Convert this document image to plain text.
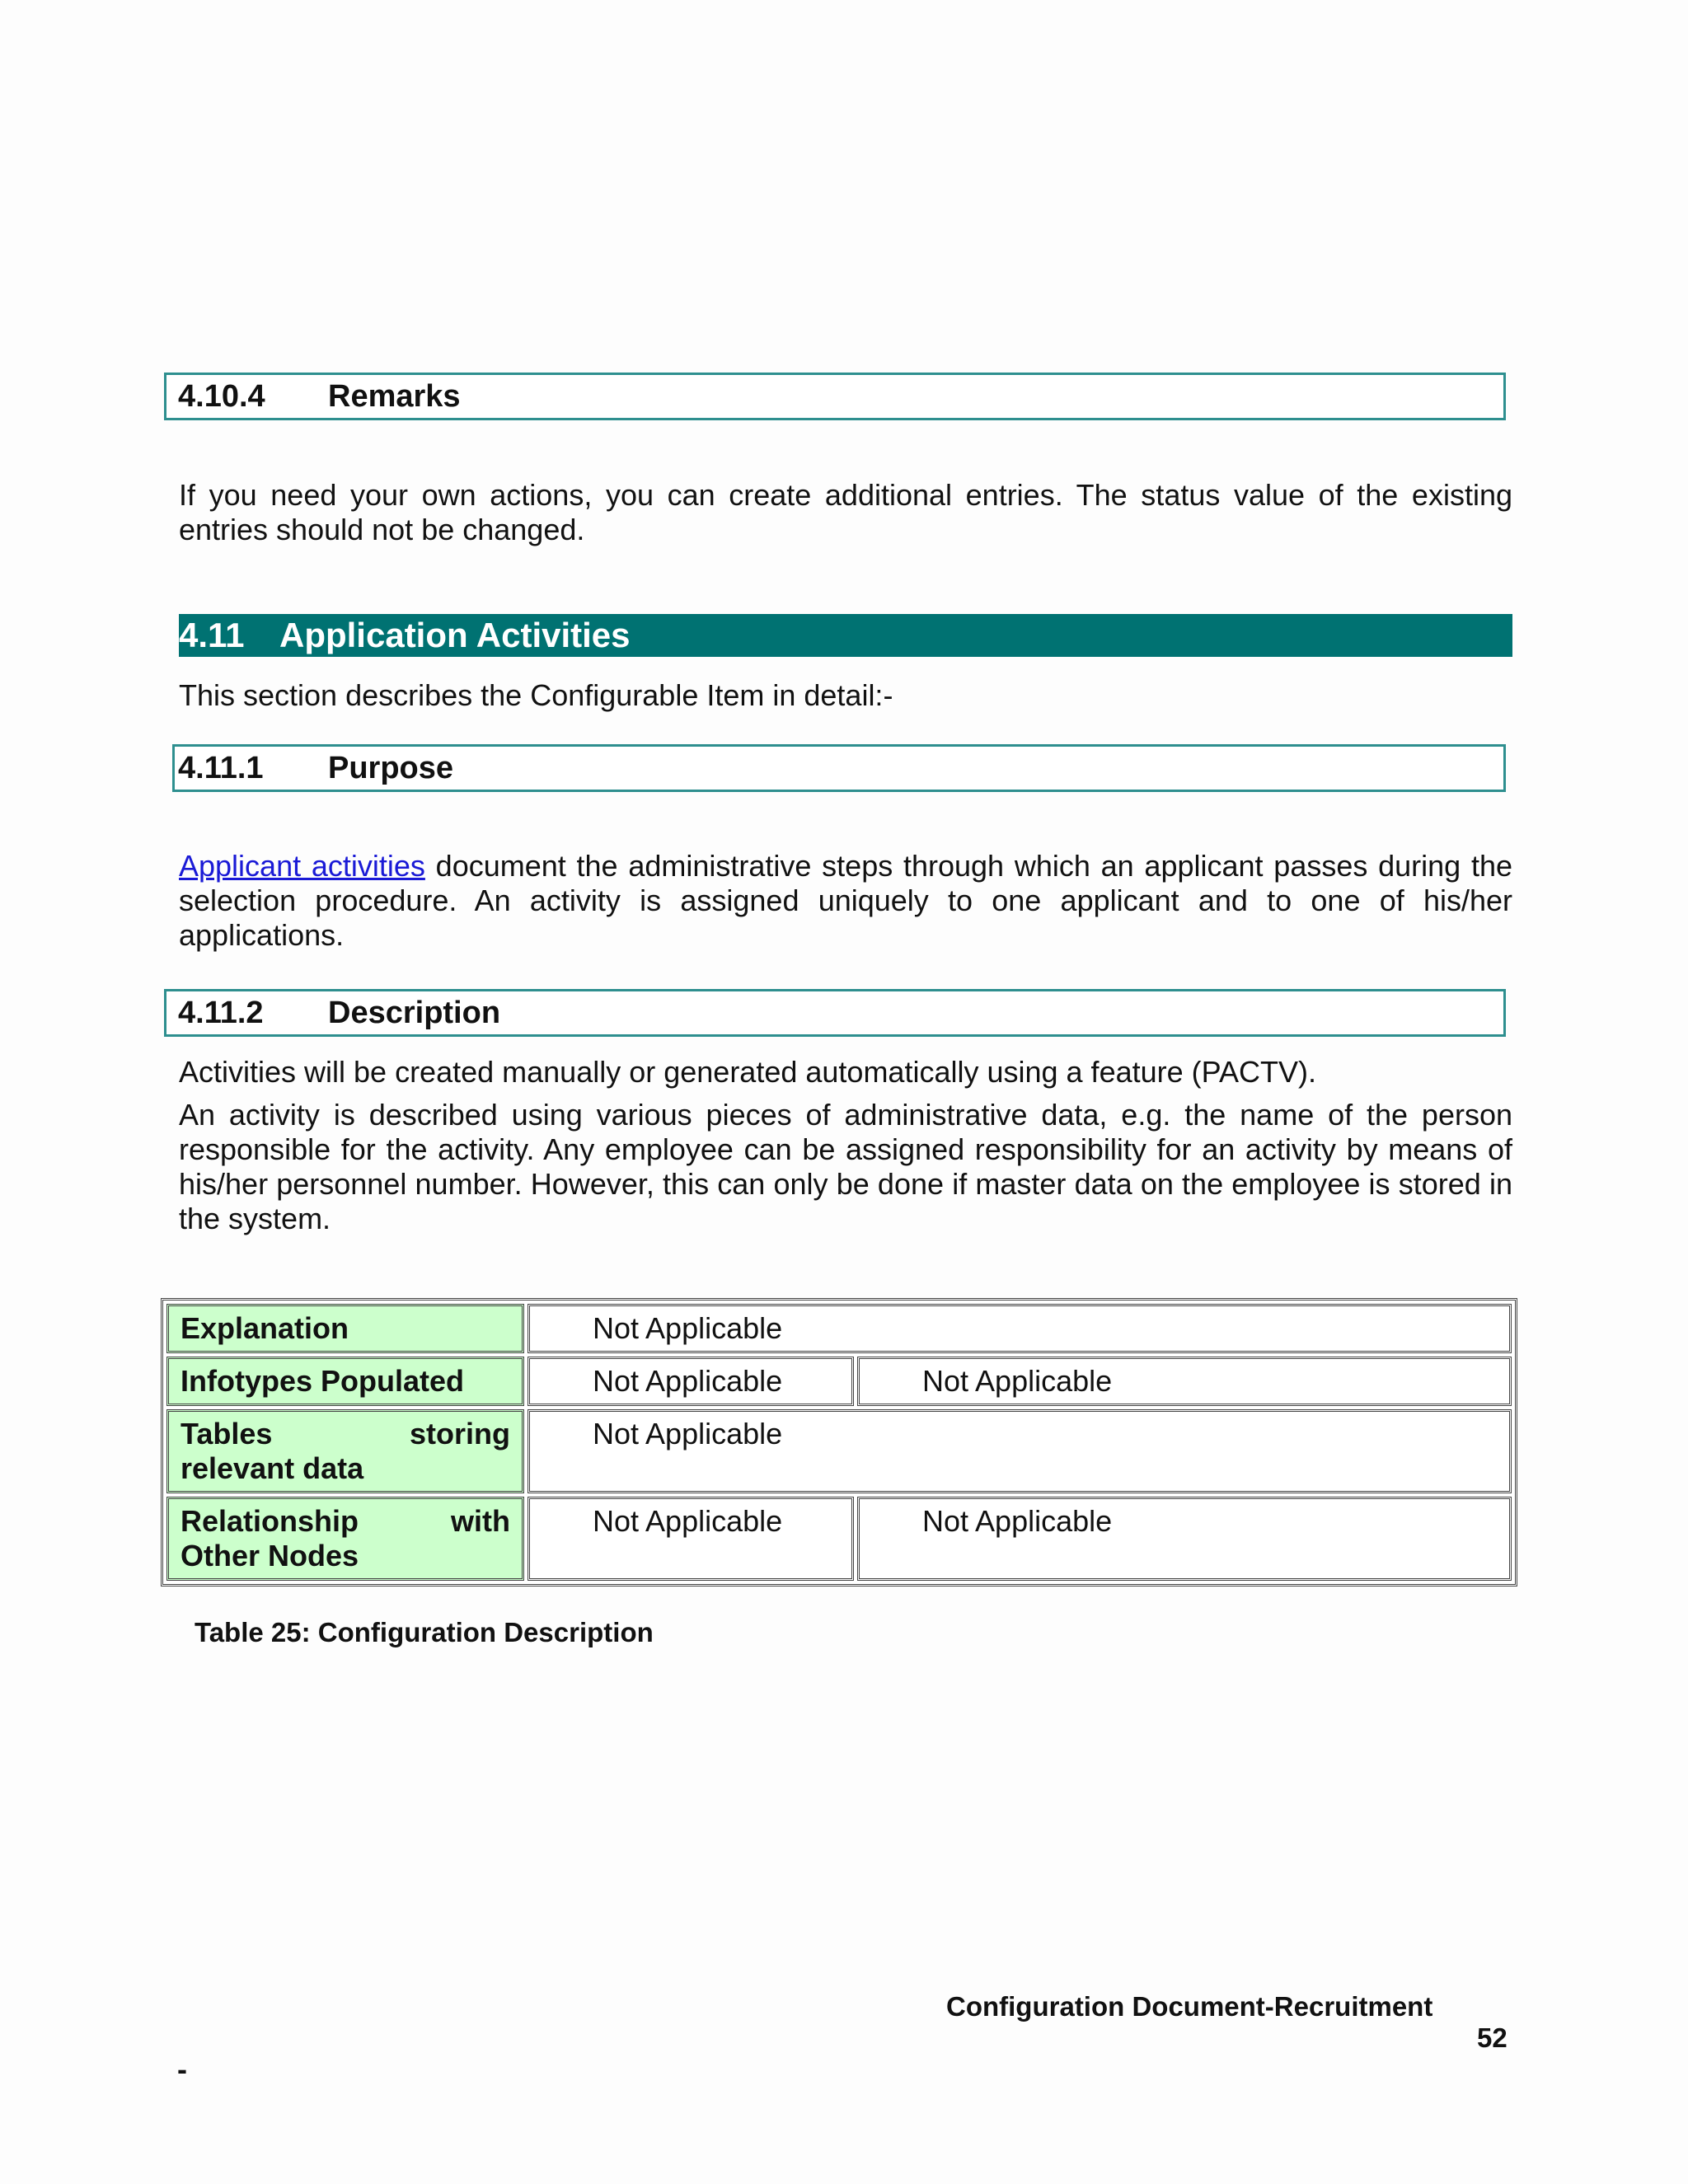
4.10.4 Remarks

If you need your own actions, you can create additional entries. The status value of the existing entries should not be changed.

4.11 Application Activities

This section describes the Configurable Item in detail:-

4.11.1 Purpose

Applicant activities document the administrative steps through which an applicant passes during the selection procedure. An activity is assigned uniquely to one applicant and to one of his/her applications.

4.11.2 Description

Activities will be created manually or generated automatically using a feature (PACTV).

An activity is described using various pieces of administrative data, e.g. the name of the person responsible for the activity. Any employee can be assigned responsibility for an activity by means of his/her personnel number. However, this can only be done if master data on the employee is stored in the system.

Explanation	Not Applicable	
Infotypes Populated	Not Applicable	Not Applicable

Tables storing
relevant data	Not Applicable	

Relationship with
Other Nodes	Not Applicable	Not Applicable
Table 25: Configuration Description
Configuration Document-Recruitment
52
-
